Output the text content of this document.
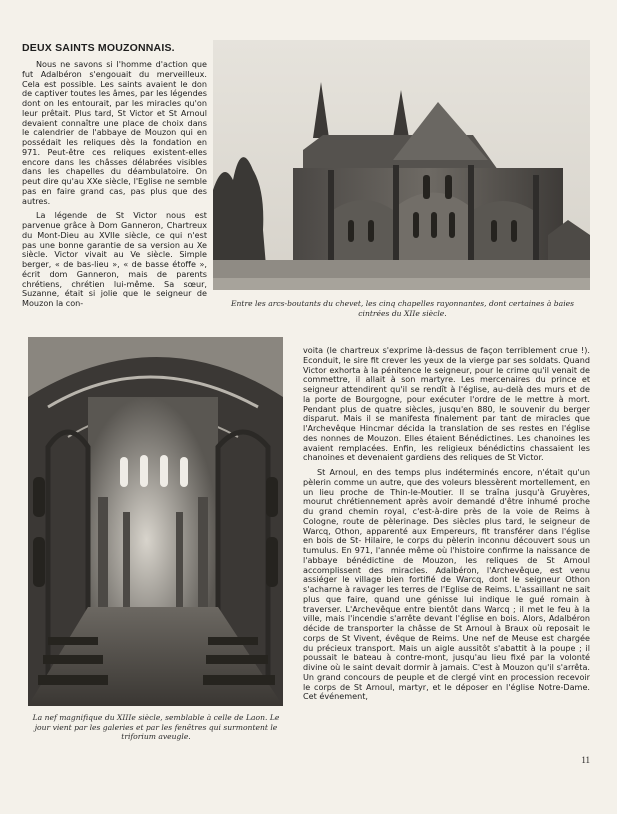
DEUX SAINTS MOUZONNAIS.

Nous ne savons si l'homme d'action que fut Adalbéron s'engouait du merveilleux. Cela est possible. Les saints avaient le don de captiver toutes les âmes, par les légendes dont on les entourait, par les miracles qu'on leur prêtait. Plus tard, St Victor et St Arnoul devaient connaître une place de choix dans le calendrier de l'abbaye de Mouzon qui en possédait les reliques dès la fondation en 971. Peut-être ces reliques existent-elles encore dans les châsses délabrées visibles dans les chapelles du déambulatoire. On peut dire qu'au XXe siècle, l'Eglise ne semble pas en faire grand cas, pas plus que des autres.

La légende de St Victor nous est parvenue grâce à Dom Ganneron, Chartreux du Mont-Dieu au XVIIe siècle, ce qui n'est pas une bonne garantie de sa version au Xe siècle. Victor vivait au Ve siècle. Simple berger, « de bas-lieu », « de basse étoffe », écrit dom Ganneron, mais de parents chrétiens, chrétien lui-même. Sa sœur, Suzanne, était si jolie que le seigneur de Mouzon la con-	Entre les arcs-boutants du chevet, les cinq chapelles rayonnantes, dont certaines à baies cintrées du XIIe siècle.
La nef magnifique du XIIIe siècle, semblable à celle de Laon. Le jour vient par les galeries et par les fenêtres qui surmontent le triforium aveugle.

voita (le chartreux s'exprime là-dessus de façon terriblement crue !). Econduit, le sire fit crever les yeux de la vierge par ses soldats. Quand Victor exhorta à la pénitence le seigneur, pour le crime qu'il venait de commettre, il allait à son martyre. Les mercenaires du prince et seigneur attendirent qu'il se rendît à l'église, au-delà des murs et de la porte de Bourgogne, pour exécuter l'ordre de le mettre à mort. Pendant plus de quatre siècles, jusqu'en 880, le souvenir du berger disparut. Mais il se manifesta finalement par tant de miracles que l'Archevêque Hincmar décida la translation de ses restes en l'église des nonnes de Mouzon. Elles étaient Bénédictines. Les chanoines les avaient remplacées. Enfin, les religieux bénédictins chassaient les chanoines et devenaient gardiens des reliques de St Victor.

St Arnoul, en des temps plus indéterminés encore, n'était qu'un pèlerin comme un autre, que des voleurs blessèrent mortellement, en un lieu proche de Thin-le-Moutier. Il se traîna jusqu'à Gruyères, mourut chrétiennement après avoir demandé d'être inhumé proche du grand chemin royal, c'est-à-dire près de la voie de Reims à Cologne, route de pèlerinage. Des siècles plus tard, le seigneur de Warcq, Othon, apparenté aux Empereurs, fit transférer dans l'église en bois de St- Hilaire, le corps du pèlerin inconnu découvert sous un tumulus. En 971, l'année même où l'histoire confirme la naissance de l'abbaye bénédictine de Mouzon, les reliques de St Arnoul accomplissent des miracles. Adalbéron, l'Archevêque, est venu assiéger le village bien fortifié de Warcq, dont le seigneur Othon s'acharne à ravager les terres de l'Eglise de Reims. L'assaillant ne sait plus que faire, quand une génisse lui indique le gué romain à traverser. L'Archevêque entre bientôt dans Warcq ; il met le feu à la ville, mais l'incendie s'arrête devant l'église en bois. Alors, Adalbéron décide de transporter la châsse de St Arnoul à Braux où reposait le corps de St Vivent, évêque de Reims. Une nef de Meuse est chargée du précieux transport. Mais un aigle aussitôt s'abattit à la poupe ; il poussait le bateau à contre-mont, jusqu'au lieu fixé par la volonté divine où le saint devait dormir à jamais. C'est à Mouzon qu'il s'arrêta. Un grand concours de peuple et de clergé vint en procession recevoir le corps de St Arnoul, martyr, et le déposer en l'église Notre-Dame. Cet événement,

11
